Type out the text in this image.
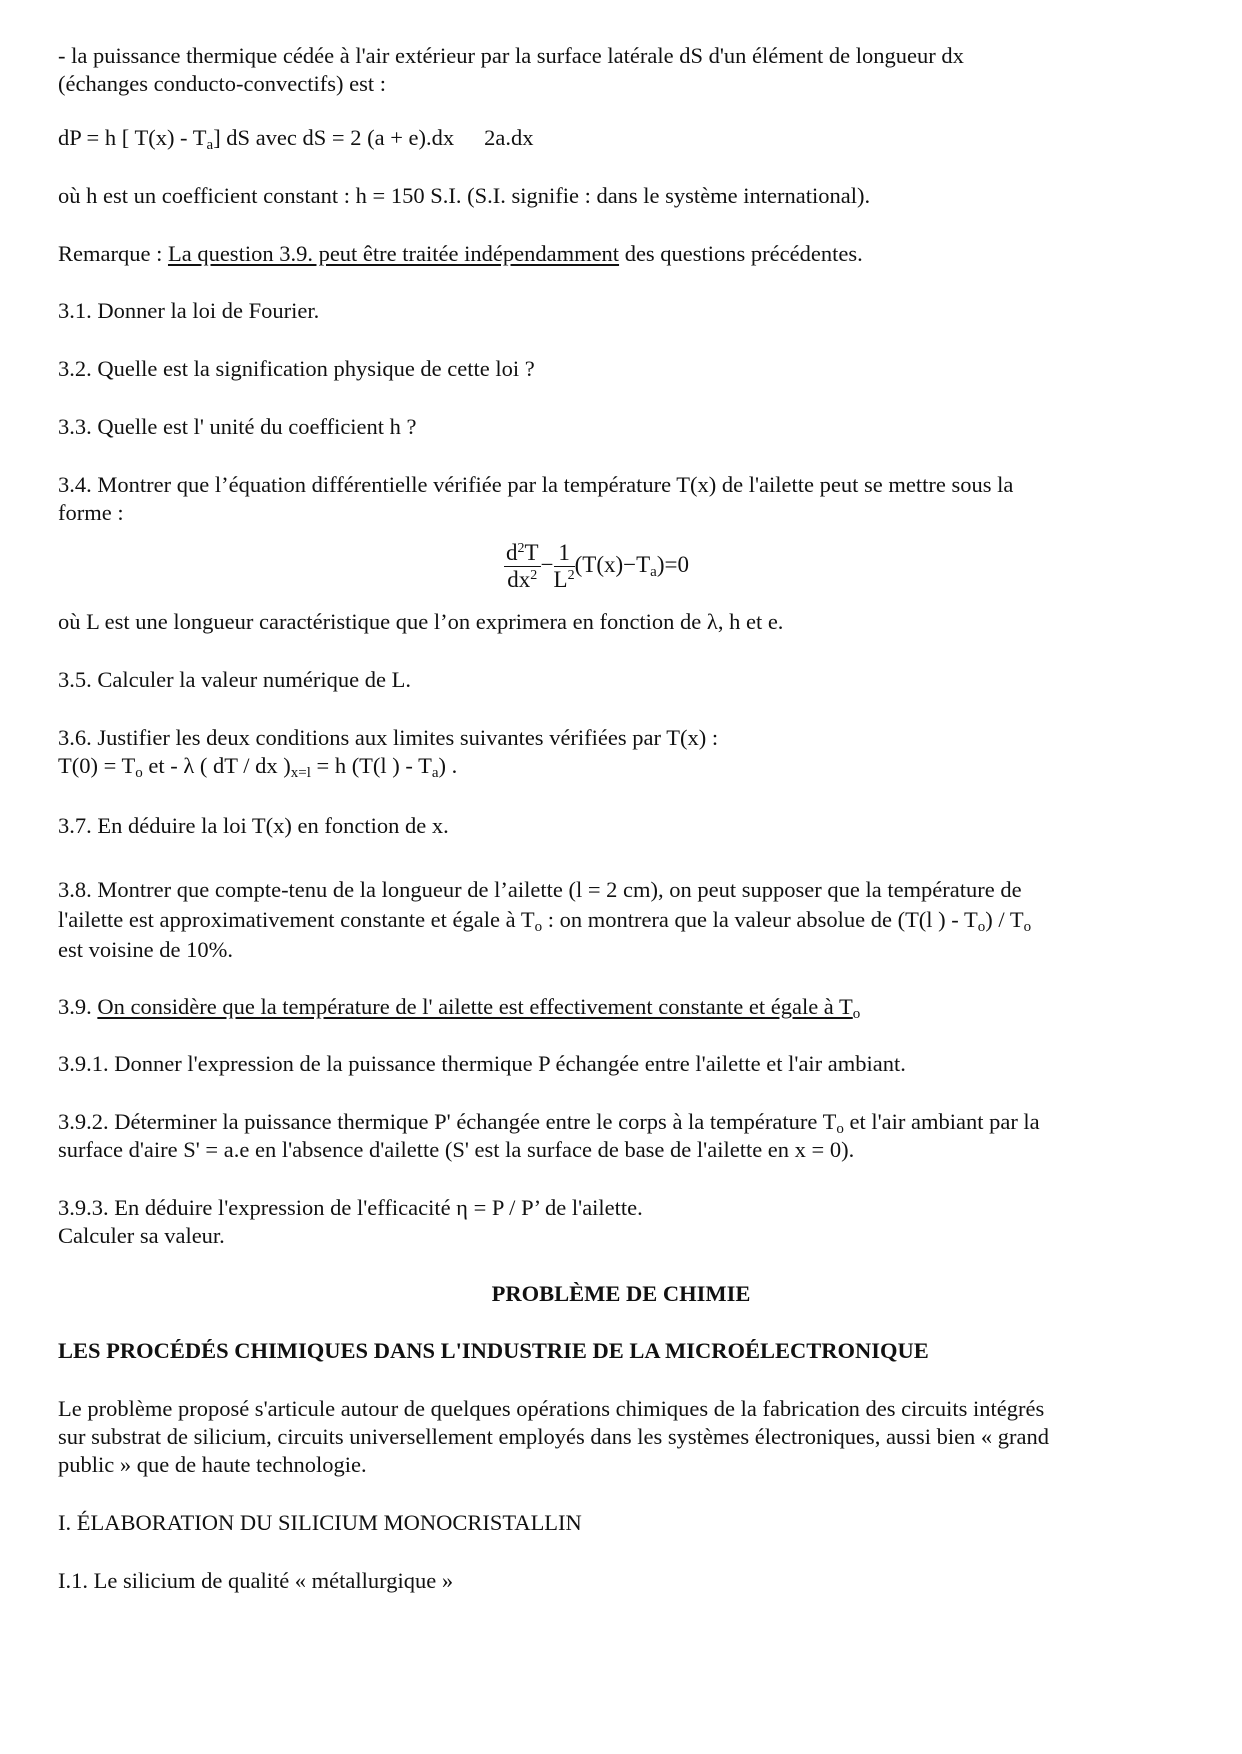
- la puissance thermique cédée à l'air extérieur par la surface latérale dS d'un élément de longueur dx
(échanges conducto-convectifs) est :
dP = h [ $T(x) - T_a$] dS avec dS = 2 (a + e).dx 2a.dx
où h est un coefficient constant : h = 150 S.I. (S.I. signifie : dans le système international).
Remarque : La question 3.9. peut être traitée indépendamment des questions précédentes.
3.1. Donner la loi de Fourier.
3.2. Quelle est la signification physique de cette loi ?
3.3. Quelle est l' unité du coefficient h ?
3.4. Montrer que l’équation différentielle vérifiée par la température T(x) de l'ailette peut se mettre sous la
forme :
$\frac{d^2T}{dx^2} - \frac{1}{L^2} (T(x)-T_a)=0$
où L est une longueur caractéristique que l’on exprimera en fonction de λ, h et e.
3.5. Calculer la valeur numérique de L.
3.6. Justifier les deux conditions aux limites suivantes vérifiées par T(x) :
$T(0) = T_o$ et - λ ( dT / dx )$_{x=l} = h$ (T(l ) - $T_a$) .
3.7. En déduire la loi T(x) en fonction de x.
3.8. Montrer que compte-tenu de la longueur de l’ailette (l = 2 cm), on peut supposer que la température de
l'ailette est approximativement constante et égale à $T_o$ : on montrera que la valeur absolue de (T(l ) - $T_o) / T_o$
est voisine de 10%.
3.9. On considère que la température de l' ailette est effectivement constante et égale à $T_o$
3.9.1. Donner l'expression de la puissance thermique P échangée entre l'ailette et l'air ambiant.
3.9.2. Déterminer la puissance thermique P' échangée entre le corps à la température $T_o$ et l'air ambiant par la
surface d'aire S' = a.e en l'absence d'ailette (S' est la surface de base de l'ailette en x = 0).
3.9.3. En déduire l'expression de l'efficacité η = P / P’ de l'ailette.
Calculer sa valeur.
PROBLÈME DE CHIMIE
LES PROCÉDÉS CHIMIQUES DANS L'INDUSTRIE DE LA MICROÉLECTRONIQUE
Le problème proposé s'articule autour de quelques opérations chimiques de la fabrication des circuits intégrés
sur substrat de silicium, circuits universellement employés dans les systèmes électroniques, aussi bien « grand
public » que de haute technologie.
I. ÉLABORATION DU SILICIUM MONOCRISTALLIN
I.1. Le silicium de qualité « métallurgique »
